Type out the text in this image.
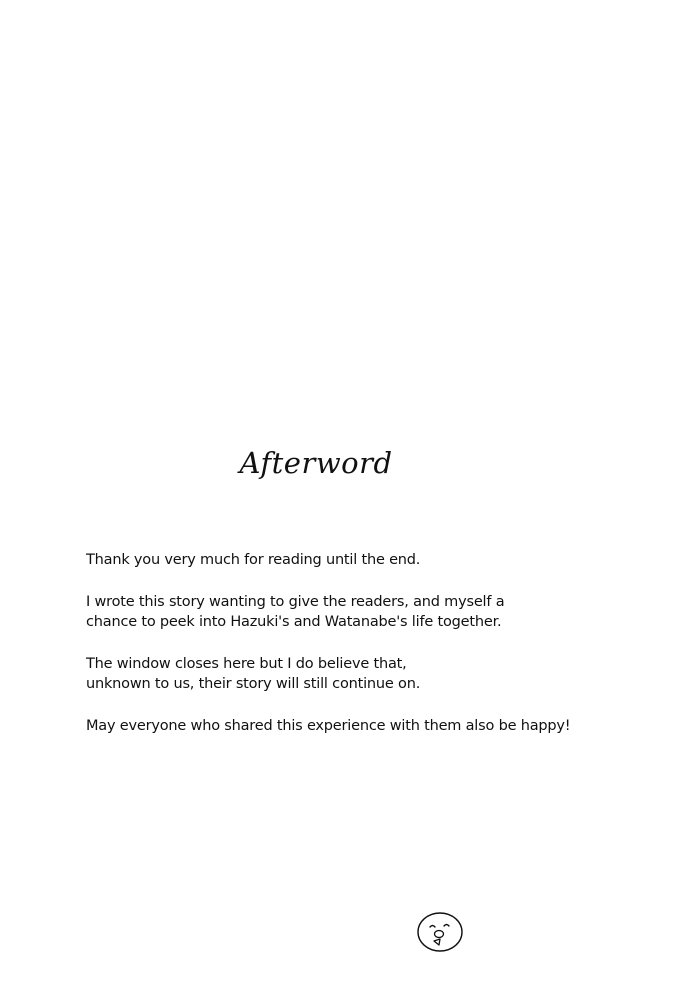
Afterword

Thank you very much for reading until the end.

I wrote this story wanting to give the readers, and myself a
chance to peek into Hazuki's and Watanabe's life together.

The window closes here but I do believe that,
unknown to us, their story will still continue on.

May everyone who shared this experience with them also be happy!
